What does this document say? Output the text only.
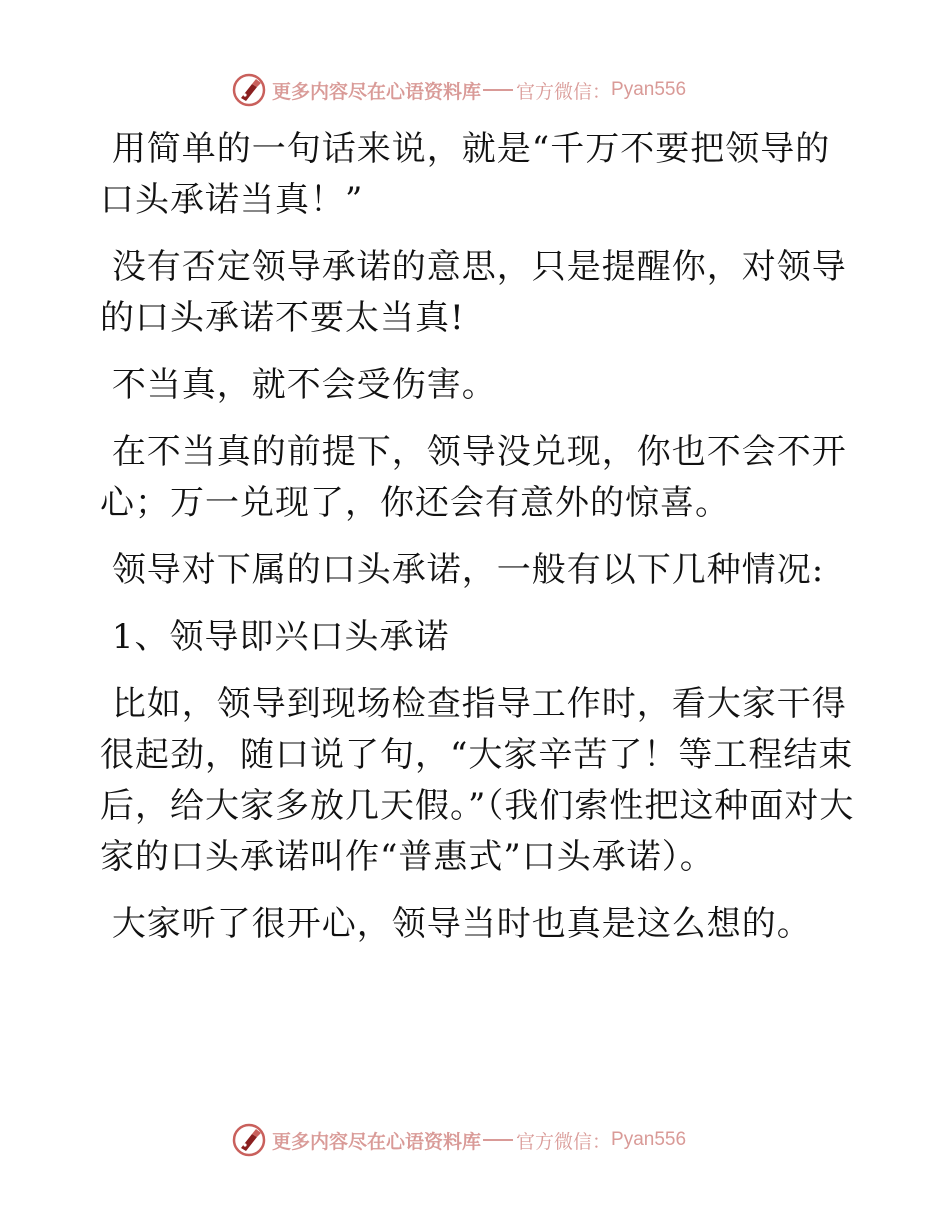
更多内容尽在心语资料库 官方微信： Pyan556

用简单的一句话来说，就是“千万不要把领导的口头承诺当真！”

没有否定领导承诺的意思，只是提醒你，对领导的口头承诺不要太当真!

不当真，就不会受伤害。

在不当真的前提下，领导没兑现，你也不会不开心；万一兑现了，你还会有意外的惊喜。

领导对下属的口头承诺，一般有以下几种情况:

1、领导即兴口头承诺

比如，领导到现场检查指导工作时，看大家干得很起劲，随口说了句，“大家辛苦了！等工程结束后，给大家多放几天假。”（我们索性把这种面对大家的口头承诺叫作“普惠式”口头承诺）。

大家听了很开心，领导当时也真是这么想的。

更多内容尽在心语资料库 官方微信： Pyan556
